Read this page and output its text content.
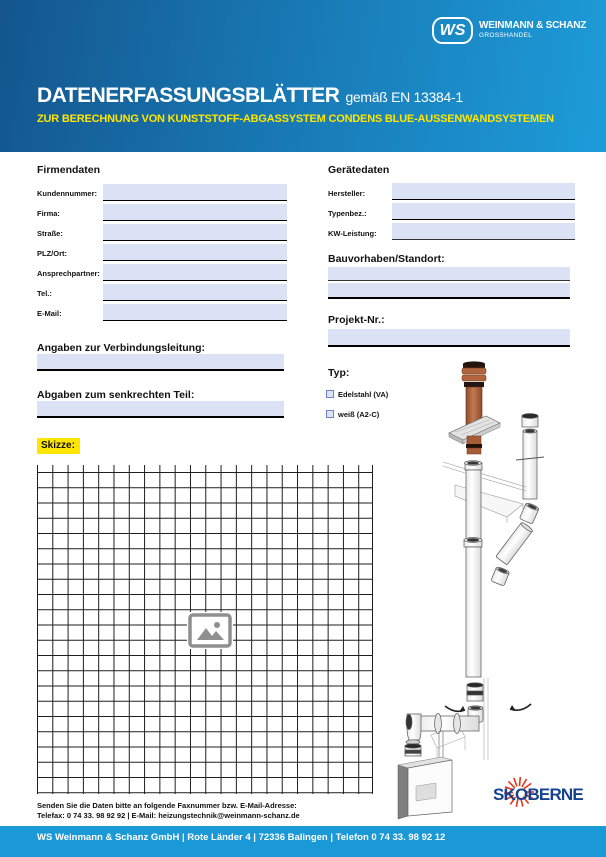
WS WEINMANN & SCHANZ
GROSSHANDEL
DATENERFASSUNGSBLÄTTER gemäß EN 13384-1
ZUR BERECHNUNG VON KUNSTSTOFF-ABGASSYSTEM CONDENS BLUE-AUSSENWANDSYSTEMEN
Firmendaten
Kundennummer:
Firma:
Straße:
PLZ/Ort:
Ansprechpartner:
Tel.:
E-Mail:
Gerätedaten
Hersteller:
Typenbez.:
KW-Leistung:
Bauvorhaben/Standort:
Projekt-Nr.:
Angaben zur Verbindungsleitung:
Abgaben zum senkrechten Teil:
Typ:
Edelstahl (VA)
weiß (A2-C)
Skizze:
SKOBERNE
Senden Sie die Daten bitte an folgende Faxnummer bzw. E-Mail-Adresse:
Telefax: 0 74 33. 98 92 92 | E-Mail: heizungstechnik@weinmann-schanz.de
WS Weinmann & Schanz GmbH | Rote Länder 4 | 72336 Balingen | Telefon 0 74 33. 98 92 12
